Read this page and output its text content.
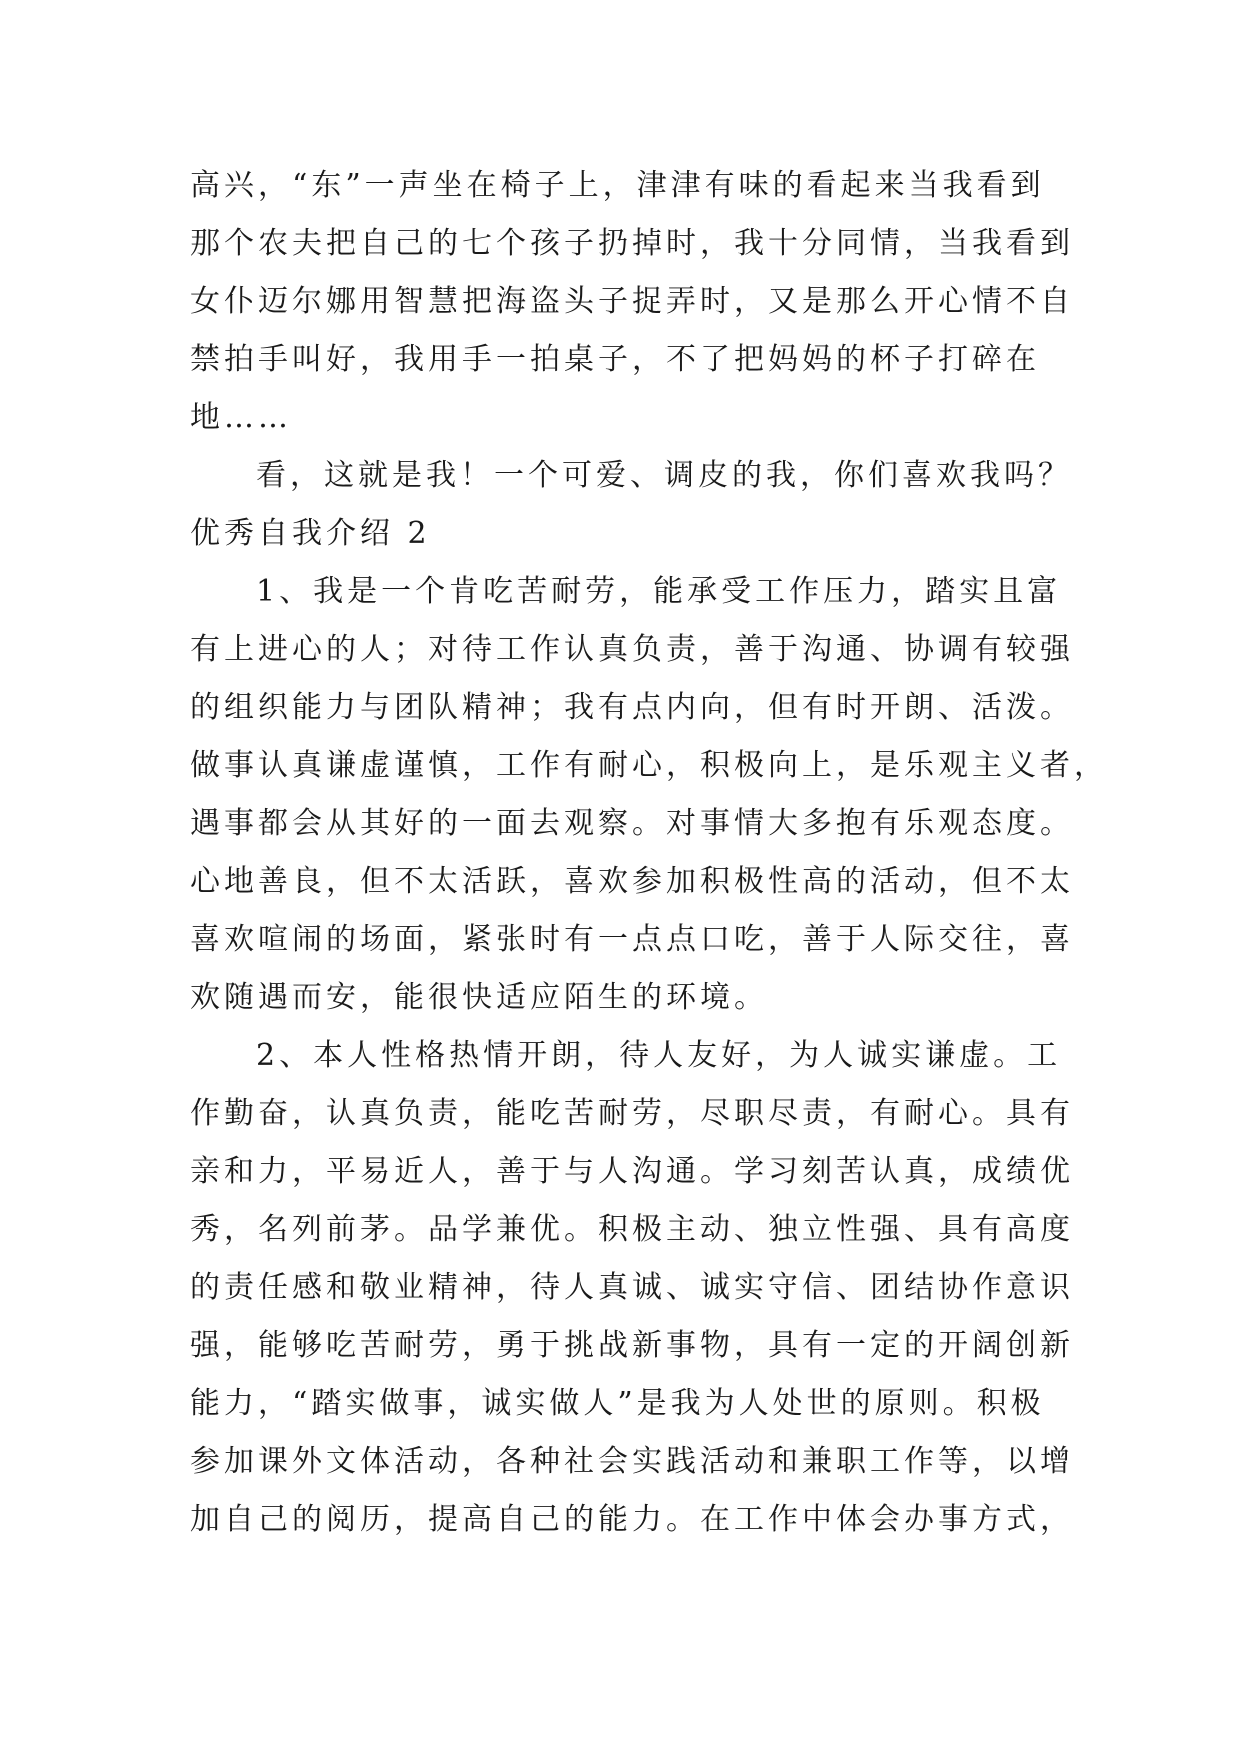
高兴，“东”一声坐在椅子上，津津有味的看起来当我看到
那个农夫把自己的七个孩子扔掉时，我十分同情，当我看到
女仆迈尔娜用智慧把海盗头子捉弄时，又是那么开心情不自
禁拍手叫好，我用手一拍桌子，不了把妈妈的杯子打碎在
地……
看，这就是我！一个可爱、调皮的我，你们喜欢我吗？
优秀自我介绍 2
1、我是一个肯吃苦耐劳，能承受工作压力，踏实且富
有上进心的人；对待工作认真负责，善于沟通、协调有较强
的组织能力与团队精神；我有点内向，但有时开朗、活泼。
做事认真谦虚谨慎，工作有耐心，积极向上，是乐观主义者，
遇事都会从其好的一面去观察。对事情大多抱有乐观态度。
心地善良，但不太活跃，喜欢参加积极性高的活动，但不太
喜欢喧闹的场面，紧张时有一点点口吃，善于人际交往，喜
欢随遇而安，能很快适应陌生的环境。
2、本人性格热情开朗，待人友好，为人诚实谦虚。工
作勤奋，认真负责，能吃苦耐劳，尽职尽责，有耐心。具有
亲和力，平易近人，善于与人沟通。学习刻苦认真，成绩优
秀，名列前茅。品学兼优。积极主动、独立性强、具有高度
的责任感和敬业精神，待人真诚、诚实守信、团结协作意识
强，能够吃苦耐劳，勇于挑战新事物，具有一定的开阔创新
能力，“踏实做事，诚实做人”是我为人处世的原则。积极
参加课外文体活动，各种社会实践活动和兼职工作等，以增
加自己的阅历，提高自己的能力。在工作中体会办事方式，
